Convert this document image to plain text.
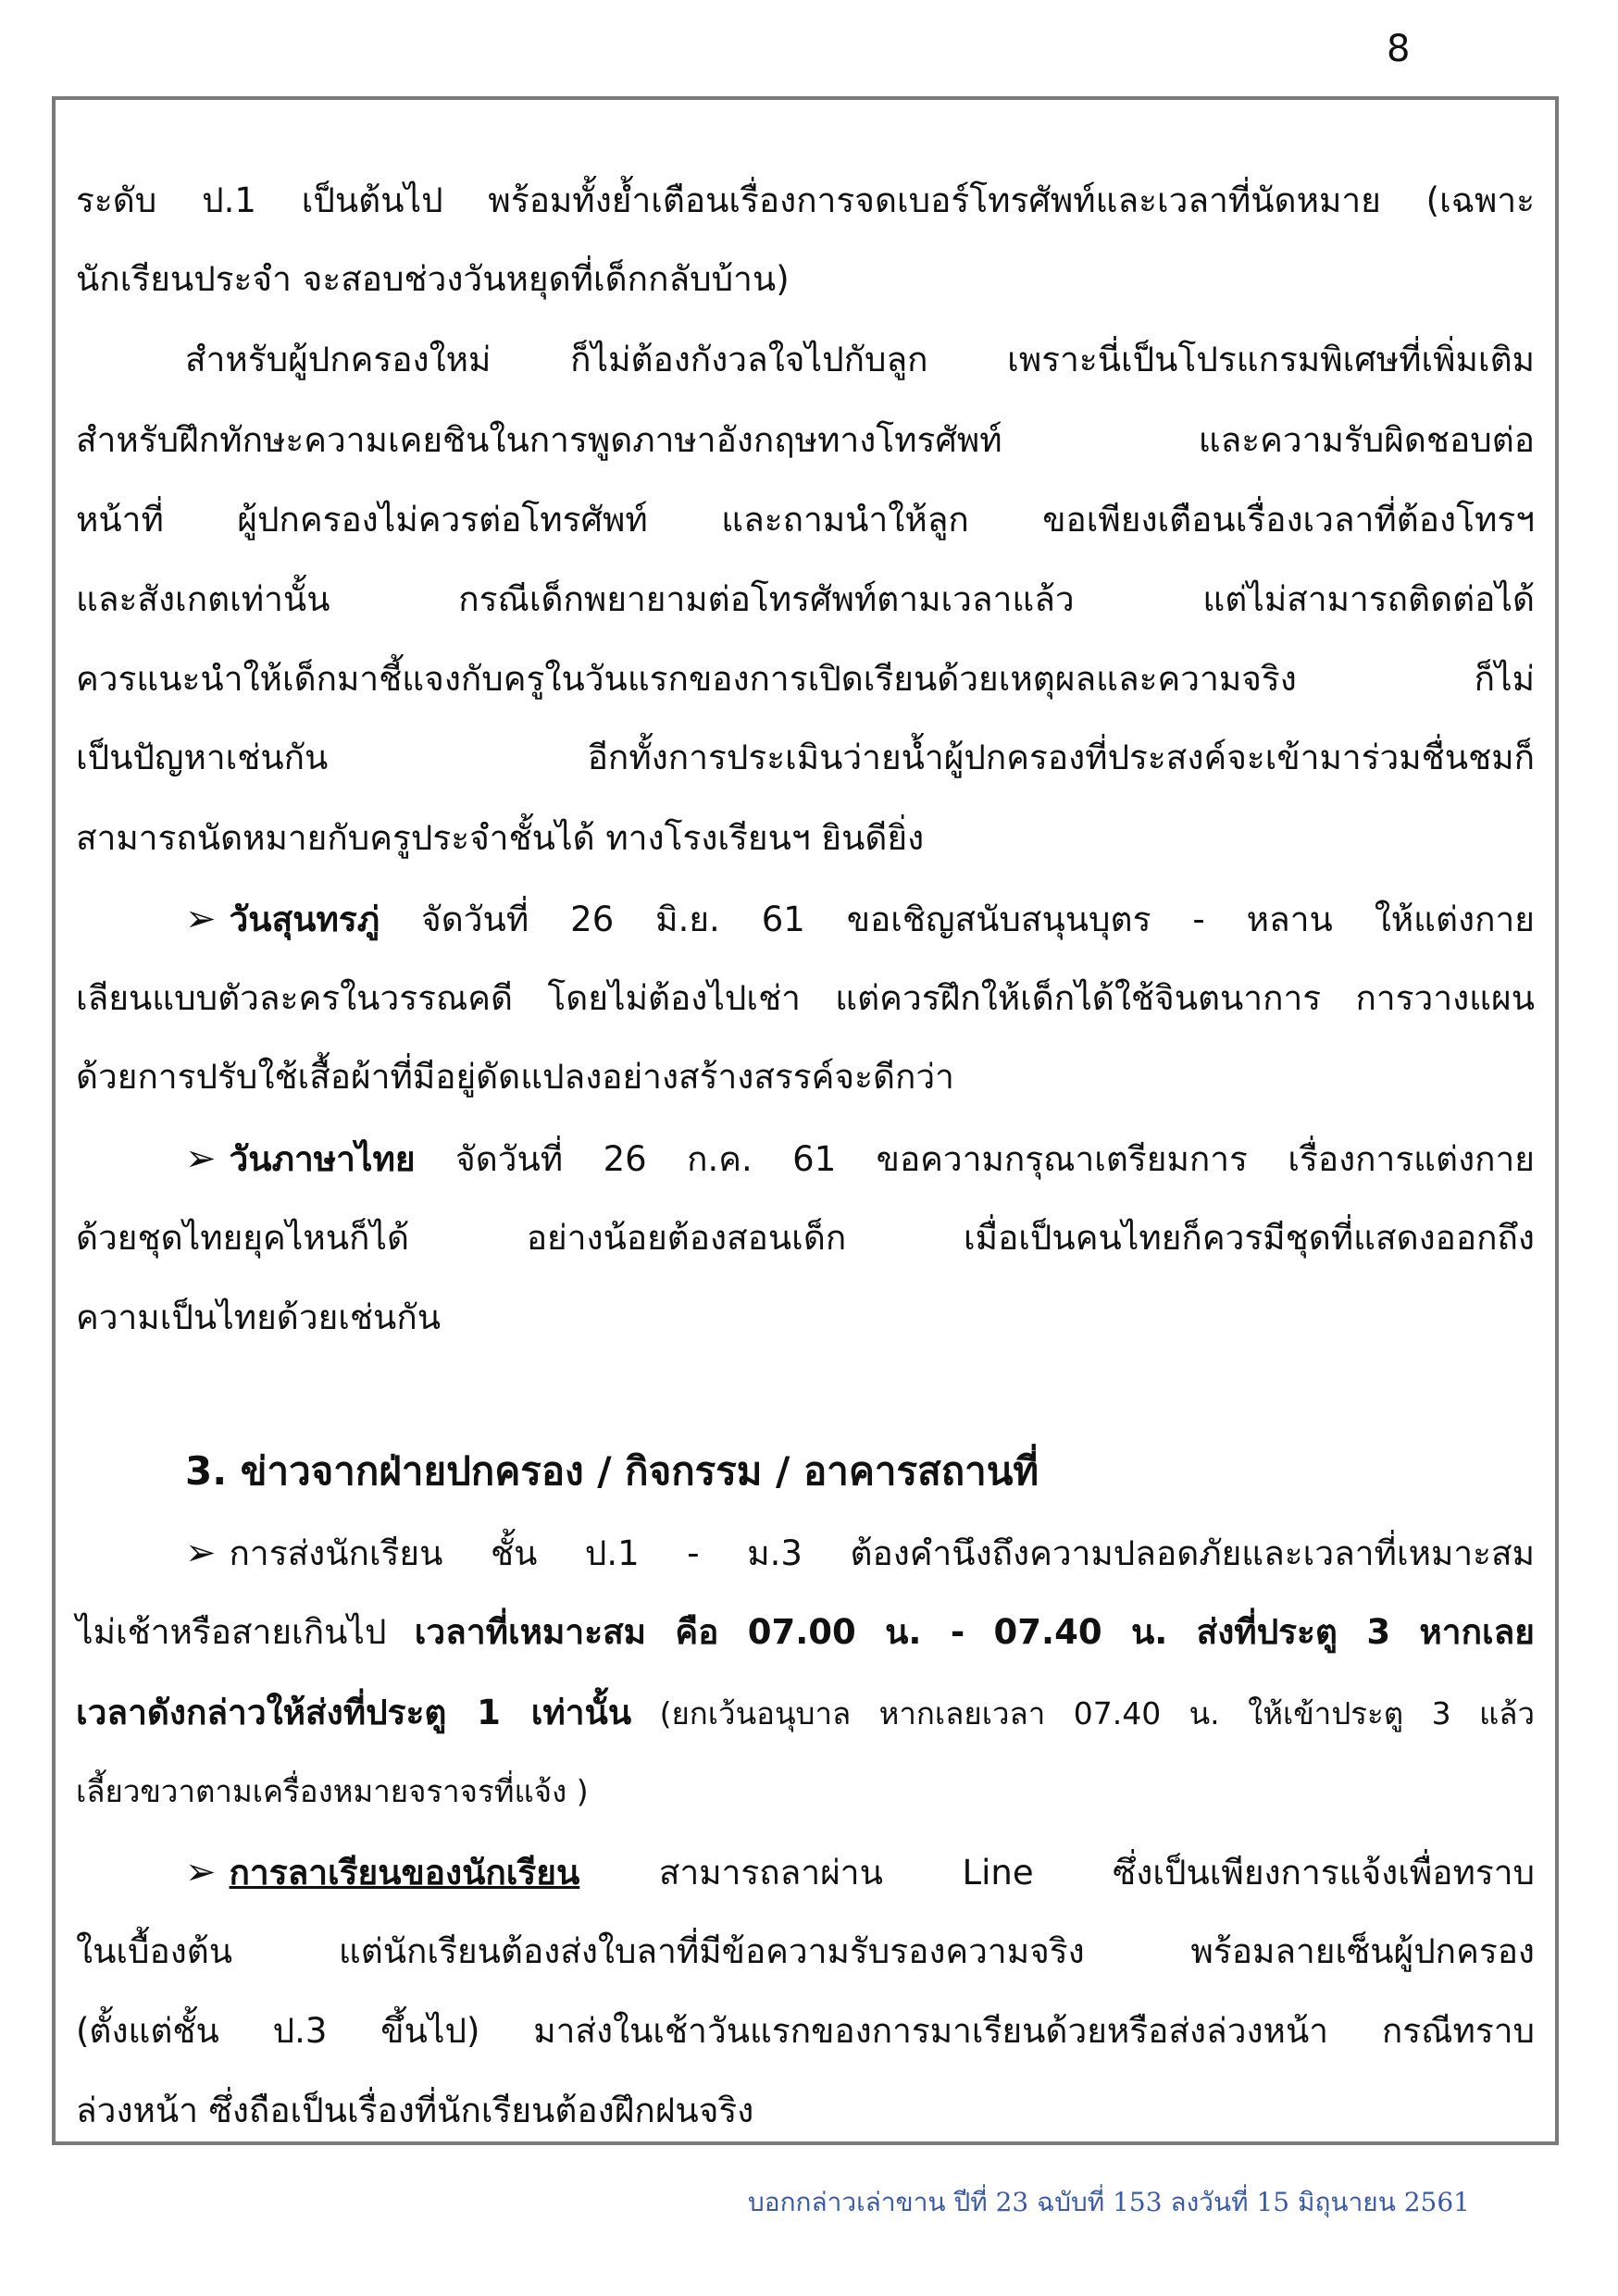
8
ระดับ ป.1 เป็นต้นไป พร้อมทั้งย้ำเตือนเรื่องการจดเบอร์โทรศัพท์และเวลาที่นัดหมาย (เฉพาะ
นักเรียนประจำ จะสอบช่วงวันหยุดที่เด็กกลับบ้าน)
สำหรับผู้ปกครองใหม่ ก็ไม่ต้องกังวลใจไปกับลูก เพราะนี่เป็นโปรแกรมพิเศษที่เพิ่มเติม
สำหรับฝึกทักษะความเคยชินในการพูดภาษาอังกฤษทางโทรศัพท์ และความรับผิดชอบต่อ
หน้าที่ ผู้ปกครองไม่ควรต่อโทรศัพท์ และถามนำให้ลูก ขอเพียงเตือนเรื่องเวลาที่ต้องโทรฯ
และสังเกตเท่านั้น กรณีเด็กพยายามต่อโทรศัพท์ตามเวลาแล้ว แต่ไม่สามารถติดต่อได้
ควรแนะนำให้เด็กมาชี้แจงกับครูในวันแรกของการเปิดเรียนด้วยเหตุผลและความจริง ก็ไม่
เป็นปัญหาเช่นกัน อีกทั้งการประเมินว่ายน้ำผู้ปกครองที่ประสงค์จะเข้ามาร่วมชื่นชมก็
สามารถนัดหมายกับครูประจำชั้นได้ ทางโรงเรียนฯ ยินดียิ่ง
➢ วันสุนทรภู่ จัดวันที่ 26 มิ.ย. 61 ขอเชิญสนับสนุนบุตร - หลาน ให้แต่งกาย
เลียนแบบตัวละครในวรรณคดี โดยไม่ต้องไปเช่า แต่ควรฝึกให้เด็กได้ใช้จินตนาการ การวางแผน
ด้วยการปรับใช้เสื้อผ้าที่มีอยู่ดัดแปลงอย่างสร้างสรรค์จะดีกว่า
➢ วันภาษาไทย จัดวันที่ 26 ก.ค. 61 ขอความกรุณาเตรียมการ เรื่องการแต่งกาย
ด้วยชุดไทยยุคไหนก็ได้ อย่างน้อยต้องสอนเด็ก เมื่อเป็นคนไทยก็ควรมีชุดที่แสดงออกถึง
ความเป็นไทยด้วยเช่นกัน
3. ข่าวจากฝ่ายปกครอง / กิจกรรม / อาคารสถานที่
➢ การส่งนักเรียน ชั้น ป.1 - ม.3 ต้องคำนึงถึงความปลอดภัยและเวลาที่เหมาะสม
ไม่เช้าหรือสายเกินไป เวลาที่เหมาะสม คือ 07.00 น. - 07.40 น. ส่งที่ประตู 3 หากเลย
เวลาดังกล่าวให้ส่งที่ประตู 1 เท่านั้น (ยกเว้นอนุบาล หากเลยเวลา 07.40 น. ให้เข้าประตู 3 แล้ว
เลี้ยวขวาตามเครื่องหมายจราจรที่แจ้ง )
➢ การลาเรียนของนักเรียน สามารถลาผ่าน Line ซึ่งเป็นเพียงการแจ้งเพื่อทราบ
ในเบื้องต้น แต่นักเรียนต้องส่งใบลาที่มีข้อความรับรองความจริง พร้อมลายเซ็นผู้ปกครอง
(ตั้งแต่ชั้น ป.3 ขึ้นไป) มาส่งในเช้าวันแรกของการมาเรียนด้วยหรือส่งล่วงหน้า กรณีทราบ
ล่วงหน้า ซึ่งถือเป็นเรื่องที่นักเรียนต้องฝึกฝนจริง
บอกกล่าวเล่าขาน ปีที่ 23 ฉบับที่ 153 ลงวันที่ 15 มิถุนายน 2561
